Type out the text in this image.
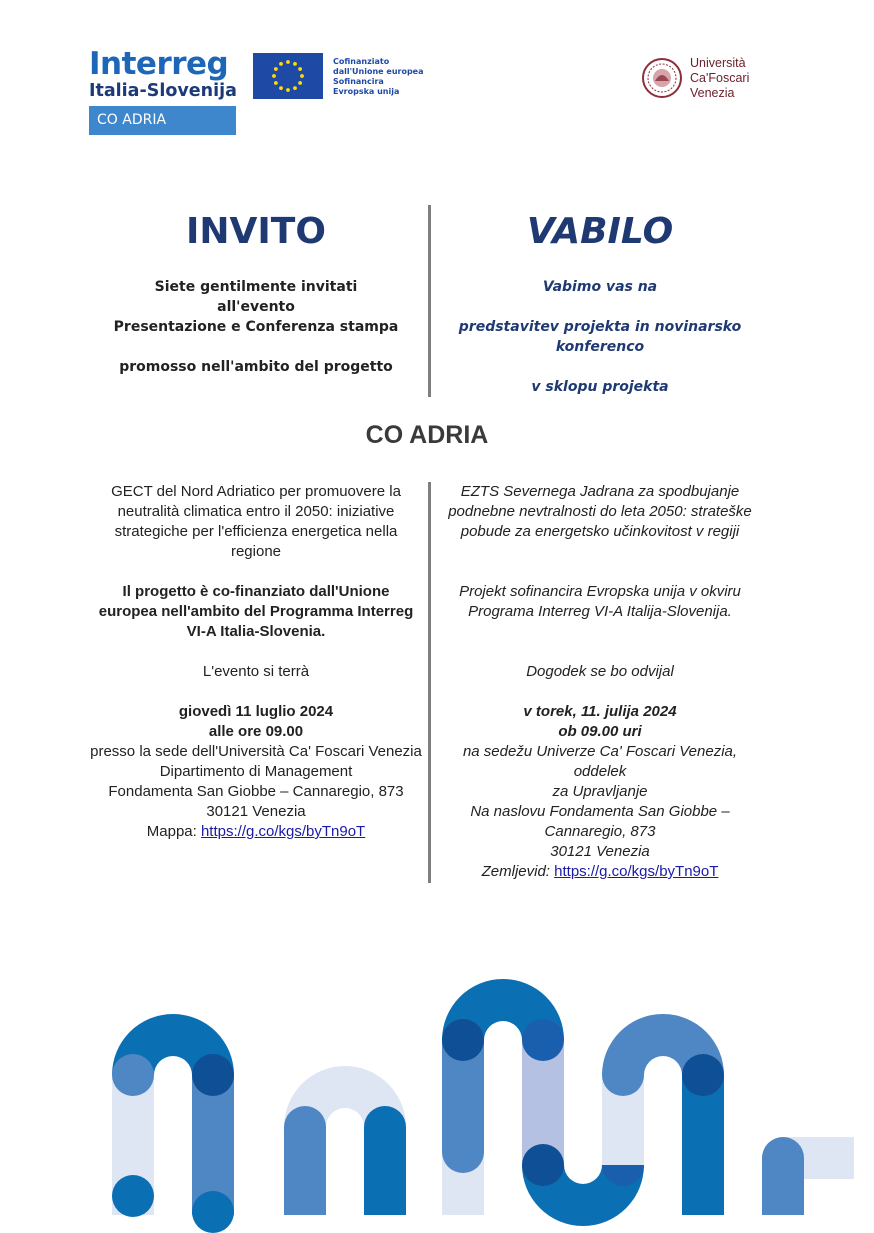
Interreg
Italia-Slovenija
CO ADRIA
Cofinanziato
dall'Unione europea
Sofinancira
Evropska unija
Università
Ca'Foscari
Venezia
INVITO	VABILO
Siete gentilmente invitati
all'evento
Presentazione e Conferenza stampa
promosso nell'ambito del progetto
Vabimo vas na
predstavitev projekta in novinarsko
konferenco
v sklopu projekta
CO ADRIA
GECT del Nord Adriatico per promuovere la
neutralità climatica entro il 2050: iniziative
strategiche per l'efficienza energetica nella
regione
Il progetto è co-finanziato dall'Unione
europea nell'ambito del Programma Interreg
VI-A Italia-Slovenia.
L'evento si terrà
giovedì 11 luglio 2024
alle ore 09.00
presso la sede dell'Università Ca' Foscari Venezia
Dipartimento di Management
Fondamenta San Giobbe – Cannaregio, 873
30121 Venezia
Mappa: https://g.co/kgs/byTn9oT
EZTS Severnega Jadrana za spodbujanje
podnebne nevtralnosti do leta 2050: strateške
pobude za energetsko učinkovitost v regiji
Projekt sofinancira Evropska unija v okviru
Programa Interreg VI-A Italija-Slovenija.
Dogodek se bo odvijal
v torek, 11. julija 2024
ob 09.00 uri
na sedežu Univerze Ca' Foscari Venezia, oddelek
za Upravljanje
Na naslovu Fondamenta San Giobbe –
Cannaregio, 873
30121 Venezia
Zemljevid: https://g.co/kgs/byTn9oT
